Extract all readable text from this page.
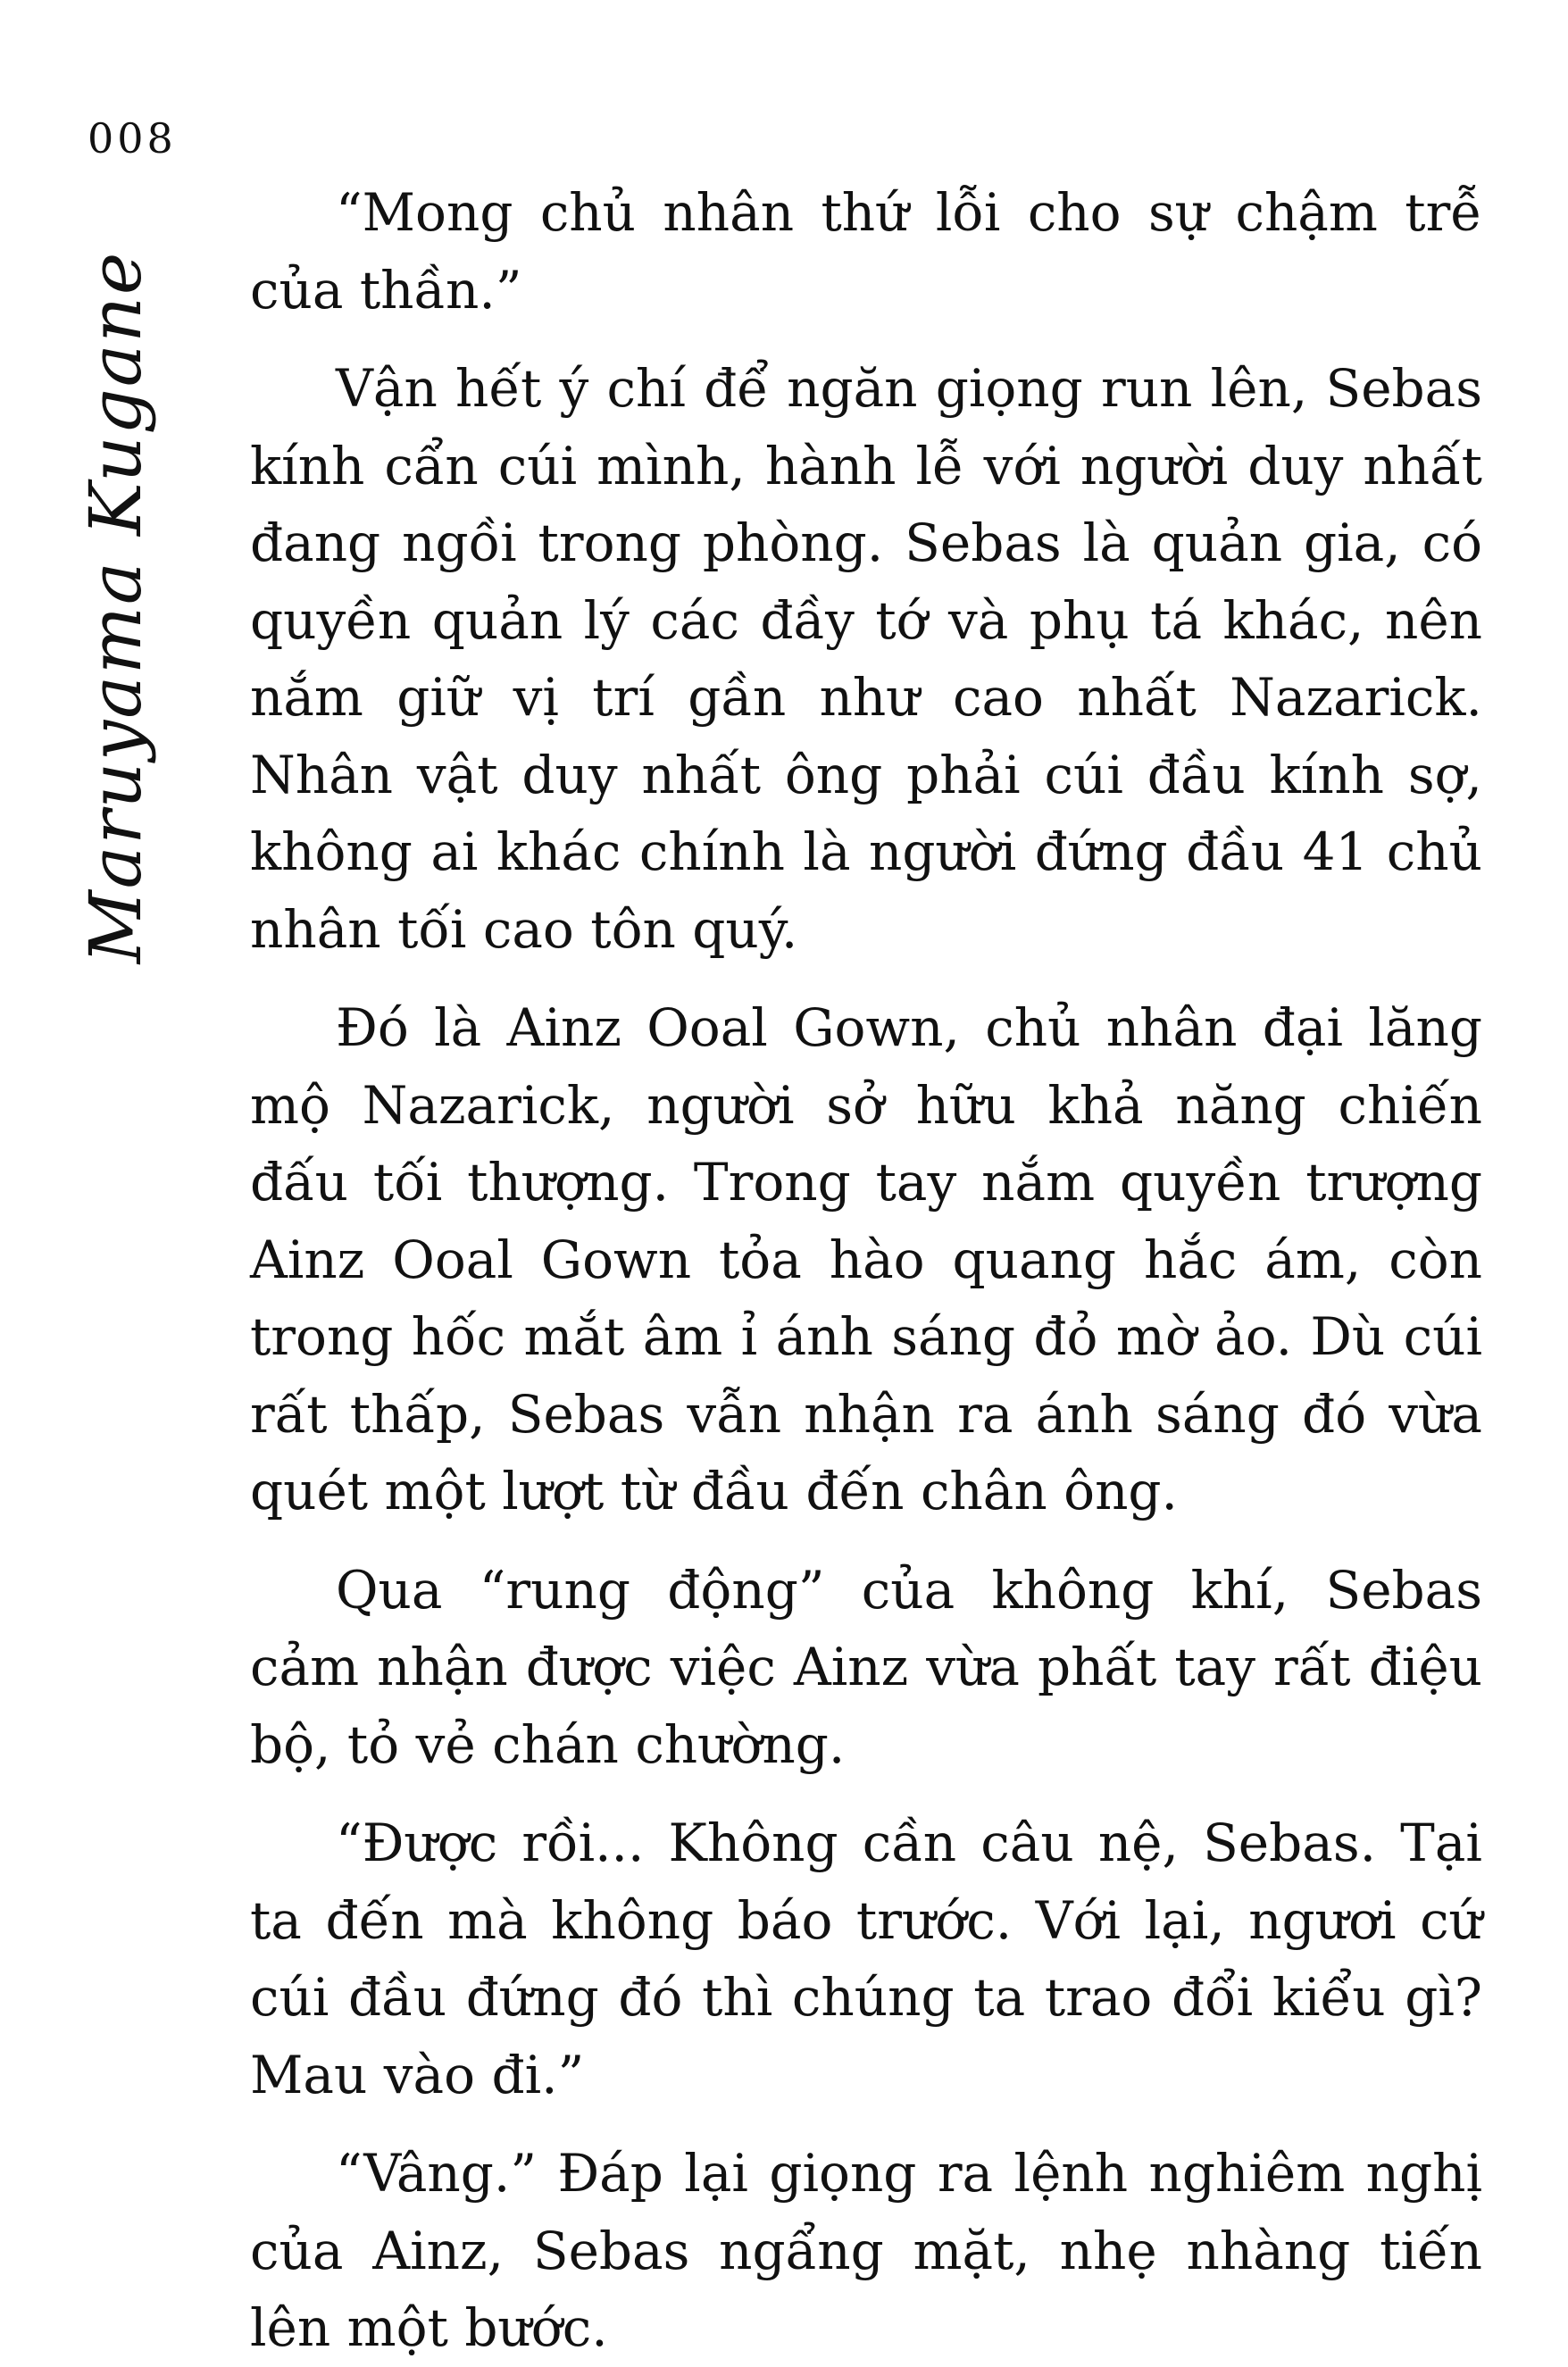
008
Maruyama Kugane

“Mong chủ nhân thứ lỗi cho sự chậm trễ của thần.”

Vận hết ý chí để ngăn giọng run lên, Sebas kính cẩn cúi mình, hành lễ với người duy nhất đang ngồi trong phòng. Sebas là quản gia, có quyền quản lý các đầy tớ và phụ tá khác, nên nắm giữ vị trí gần như cao nhất Nazarick. Nhân vật duy nhất ông phải cúi đầu kính sợ, không ai khác chính là người đứng đầu 41 chủ nhân tối cao tôn quý.

Đó là Ainz Ooal Gown, chủ nhân đại lăng mộ Nazarick, người sở hữu khả năng chiến đấu tối thượng. Trong tay nắm quyền trượng Ainz Ooal Gown tỏa hào quang hắc ám, còn trong hốc mắt âm ỉ ánh sáng đỏ mờ ảo. Dù cúi rất thấp, Sebas vẫn nhận ra ánh sáng đó vừa quét một lượt từ đầu đến chân ông.

Qua “rung động” của không khí, Sebas cảm nhận được việc Ainz vừa phất tay rất điệu bộ, tỏ vẻ chán chường.

“Được rồi... Không cần câu nệ, Sebas. Tại ta đến mà không báo trước. Với lại, ngươi cứ cúi đầu đứng đó thì chúng ta trao đổi kiểu gì? Mau vào đi.”

“Vâng.” Đáp lại giọng ra lệnh nghiêm nghị của Ainz, Sebas ngẩng mặt, nhẹ nhàng tiến lên một bước.
